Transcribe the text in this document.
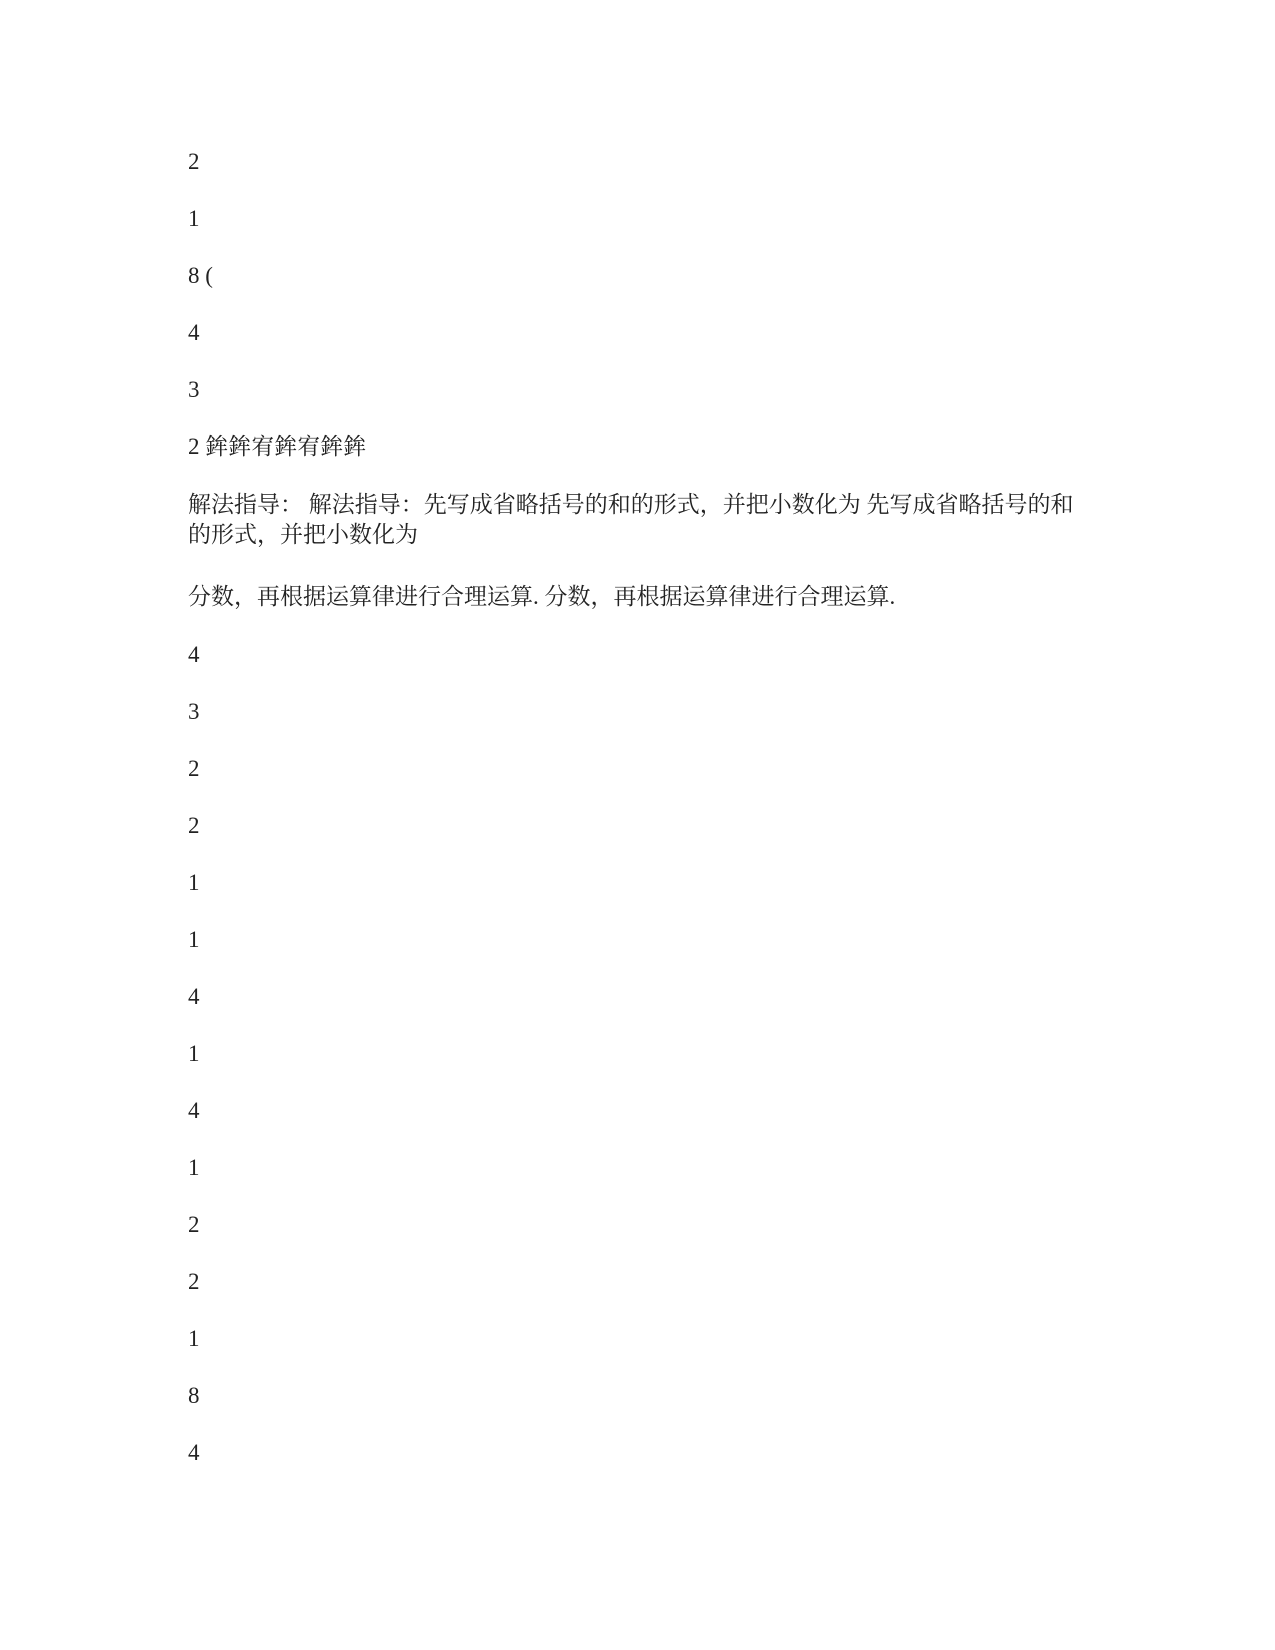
2
1
8 (
4
3
2 鉾鉾宥鉾宥鉾鉾
解法指导： 解法指导：先写成省略括号的和的形式，并把小数化为 先写成省略括号的和的形式，并把小数化为
分数，再根据运算律进行合理运算. 分数，再根据运算律进行合理运算.
4
3
2
2
1
1
4
1
4
1
2
2
1
8
4
